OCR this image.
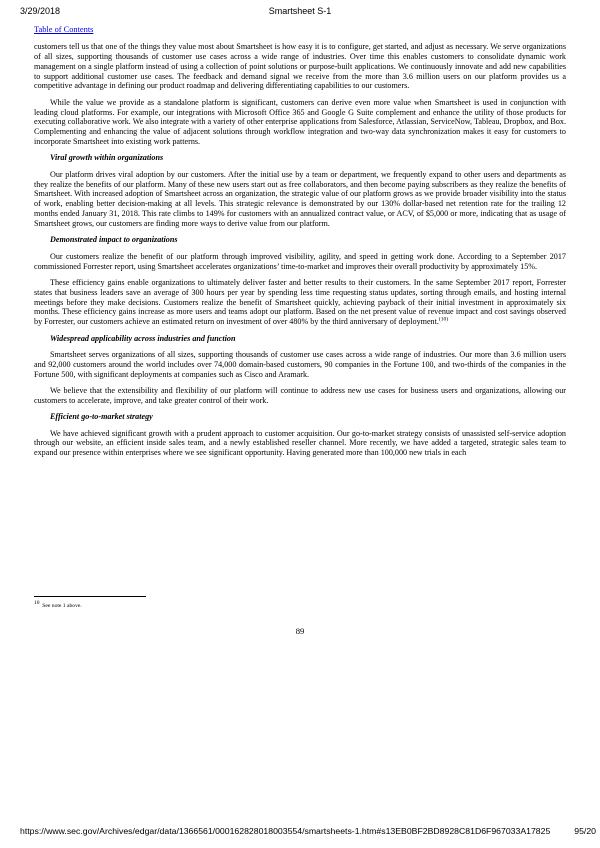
3/29/2018	Smartsheet S-1
Table of Contents

customers tell us that one of the things they value most about Smartsheet is how easy it is to configure, get started, and adjust as necessary. We serve organizations of all sizes, supporting thousands of customer use cases across a wide range of industries. Over time this enables customers to consolidate dynamic work management on a single platform instead of using a collection of point solutions or purpose-built applications. We continuously innovate and add new capabilities to support additional customer use cases. The feedback and demand signal we receive from the more than 3.6 million users on our platform provides us a competitive advantage in defining our product roadmap and delivering differentiating capabilities to our customers.

While the value we provide as a standalone platform is significant, customers can derive even more value when Smartsheet is used in conjunction with leading cloud platforms. For example, our integrations with Microsoft Office 365 and Google G Suite complement and enhance the utility of those products for executing collaborative work. We also integrate with a variety of other enterprise applications from Salesforce, Atlassian, ServiceNow, Tableau, Dropbox, and Box. Complementing and enhancing the value of adjacent solutions through workflow integration and two-way data synchronization makes it easy for customers to incorporate Smartsheet into existing work patterns.

Viral growth within organizations

Our platform drives viral adoption by our customers. After the initial use by a team or department, we frequently expand to other users and departments as they realize the benefits of our platform. Many of these new users start out as free collaborators, and then become paying subscribers as they realize the benefits of Smartsheet. With increased adoption of Smartsheet across an organization, the strategic value of our platform grows as we provide broader visibility into the status of work, enabling better decision-making at all levels. This strategic relevance is demonstrated by our 130% dollar-based net retention rate for the trailing 12 months ended January 31, 2018. This rate climbs to 149% for customers with an annualized contract value, or ACV, of $5,000 or more, indicating that as usage of Smartsheet grows, our customers are finding more ways to derive value from our platform.

Demonstrated impact to organizations

Our customers realize the benefit of our platform through improved visibility, agility, and speed in getting work done. According to a September 2017 commissioned Forrester report, using Smartsheet accelerates organizations’ time-to-market and improves their overall productivity by approximately 15%.

These efficiency gains enable organizations to ultimately deliver faster and better results to their customers. In the same September 2017 report, Forrester states that business leaders save an average of 300 hours per year by spending less time requesting status updates, sorting through emails, and hosting internal meetings before they make decisions. Customers realize the benefit of Smartsheet quickly, achieving payback of their initial investment in approximately six months. These efficiency gains increase as more users and teams adopt our platform. Based on the net present value of revenue impact and cost savings observed by Forrester, our customers achieve an estimated return on investment of over 480% by the third anniversary of deployment.$^{(10)}$

Widespread applicability across industries and function

Smartsheet serves organizations of all sizes, supporting thousands of customer use cases across a wide range of industries. Our more than 3.6 million users and 92,000 customers around the world includes over 74,000 domain-based customers, 90 companies in the Fortune 100, and two-thirds of the companies in the Fortune 500, with significant deployments at companies such as Cisco and Aramark.

We believe that the extensibility and flexibility of our platform will continue to address new use cases for business users and organizations, allowing our customers to accelerate, improve, and take greater control of their work.

Efficient go-to-market strategy

We have achieved significant growth with a prudent approach to customer acquisition. Our go-to-market strategy consists of unassisted self-service adoption through our website, an efficient inside sales team, and a newly established reseller channel. More recently, we have added a targeted, strategic sales team to expand our presence within enterprises where we see significant opportunity. Having generated more than 100,000 new trials in each

$^{10}$ See note 1 above.
89
https://www.sec.gov/Archives/edgar/data/1366561/000162828018003554/smartsheets-1.htm#s13EB0BF2BD8928C81D6F967033A17825	95/20
